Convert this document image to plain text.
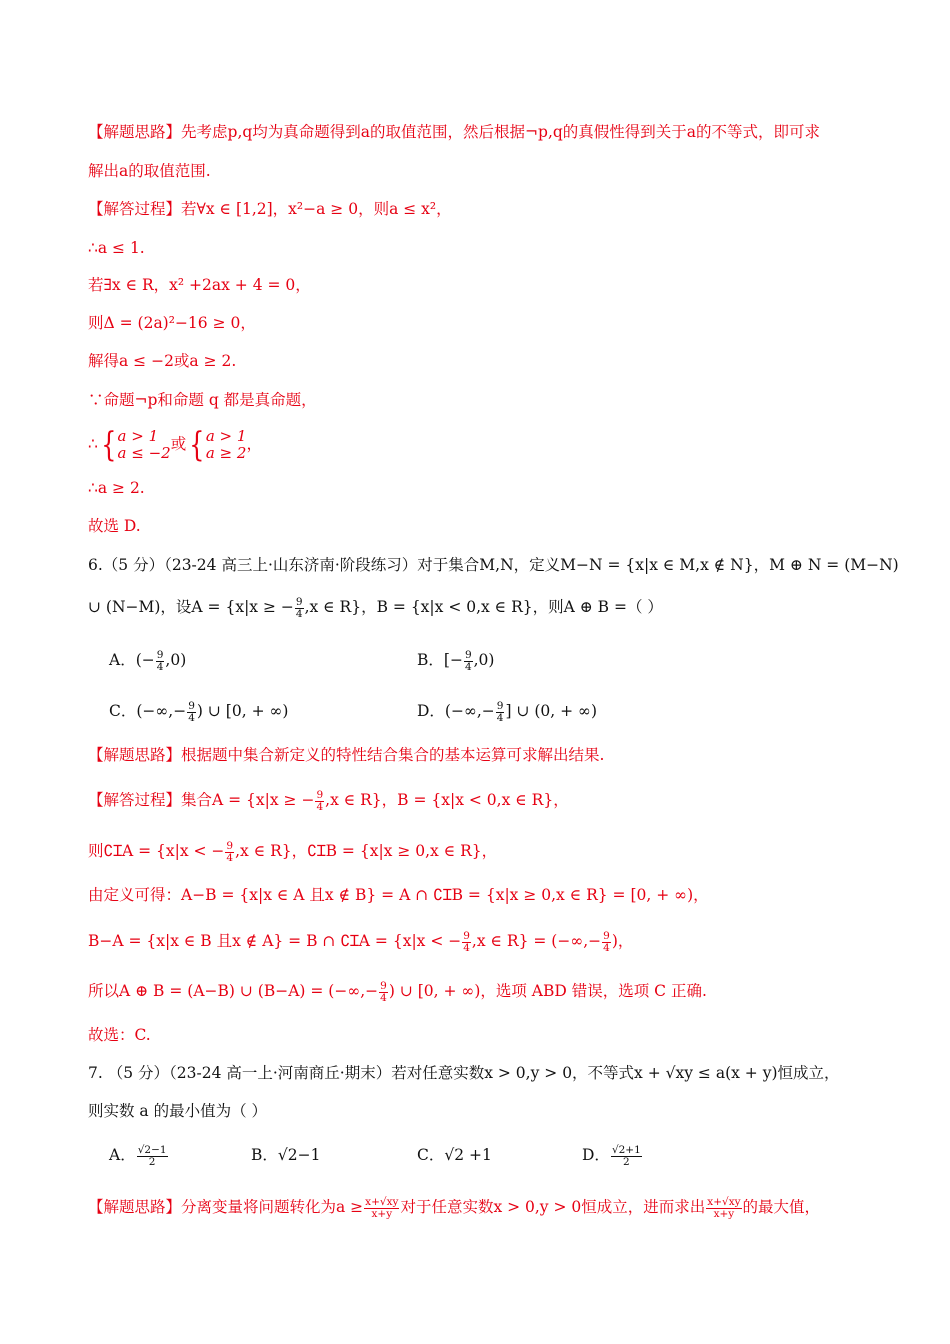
【解题思路】先考虑p,q均为真命题得到a的取值范围，然后根据¬p,q的真假性得到关于a的不等式，即可求
解出a的取值范围.
【解答过程】若∀x ∈ [1,2]，x²−a ≥ 0，则a ≤ x²，
∴a ≤ 1.
若∃x ∈ R，x² +2ax + 4 = 0，
则Δ = (2a)²−16 ≥ 0，
解得a ≤ −2或a ≥ 2.
∵命题¬p和命题 q 都是真命题，
∴ { a > 1
a ≤ −2 或 { a > 1
a ≥ 2 ，
∴a ≥ 2.
故选 D.
6.（5 分）（23-24 高三上·山东济南·阶段练习）对于集合M,N，定义M−N = {x|x ∈ M,x ∉ N}，M ⊕ N = (M−N)
∪ (N−M)，设A = {x|x ≥ − $\frac{9}{4} ,x$ ∈ R}，B = {x|x < 0,x ∈ R}，则A ⊕ B =（ ）
A．(− $\frac{9}{4} ,0$)	B．[− $\frac{9}{4} ,0$)
C．(−∞,− $\frac{9}{4}$ ) ∪ [0, + ∞)	D．(−∞,− $\frac{9}{4}$ ] ∪ (0, + ∞)
【解题思路】根据题中集合新定义的特性结合集合的基本运算可求解出结果.
【解答过程】集合A = {x|x ≥ − $\frac{9}{4} ,x$ ∈ R}，B = {x|x < 0,x ∈ R}，
则∁ꞮA = {x|x < − $\frac{9}{4} ,x$ ∈ R}，∁ꞮB = {x|x ≥ 0,x ∈ R}，
由定义可得：A−B = {x|x ∈ A 且x ∉ B} = A ∩ ∁ꞮB = {x|x ≥ 0,x ∈ R} = [0, + ∞)，
B−A = {x|x ∈ B 且x ∉ A} = B ∩ ∁ꞮA = {x|x < − $\frac{9}{4} ,x$ ∈ R} = (−∞,− $\frac{9}{4}$ )，
所以A ⊕ B = (A−B) ∪ (B−A) = (−∞,− $\frac{9}{4}$ ) ∪ [0, + ∞)，选项 ABD 错误，选项 C 正确.
故选：C.
7. （5 分）（23-24 高一上·河南商丘·期末）若对任意实数x > 0,y > 0，不等式x + √xy ≤ a(x + y)恒成立，
则实数 a 的最小值为（ ）
A． $\frac{√2-1}{2}$	B．√2−1	C．√2 +1	D． $\frac{√2+1}{2}$
【解题思路】分离变量将问题转化为$a \ge \frac{x+√xy}{x+y}$ 对于任意实数x > 0,y > 0恒成立，进而求出 $\frac{x+√xy}{x+y}$ 的最大值，
